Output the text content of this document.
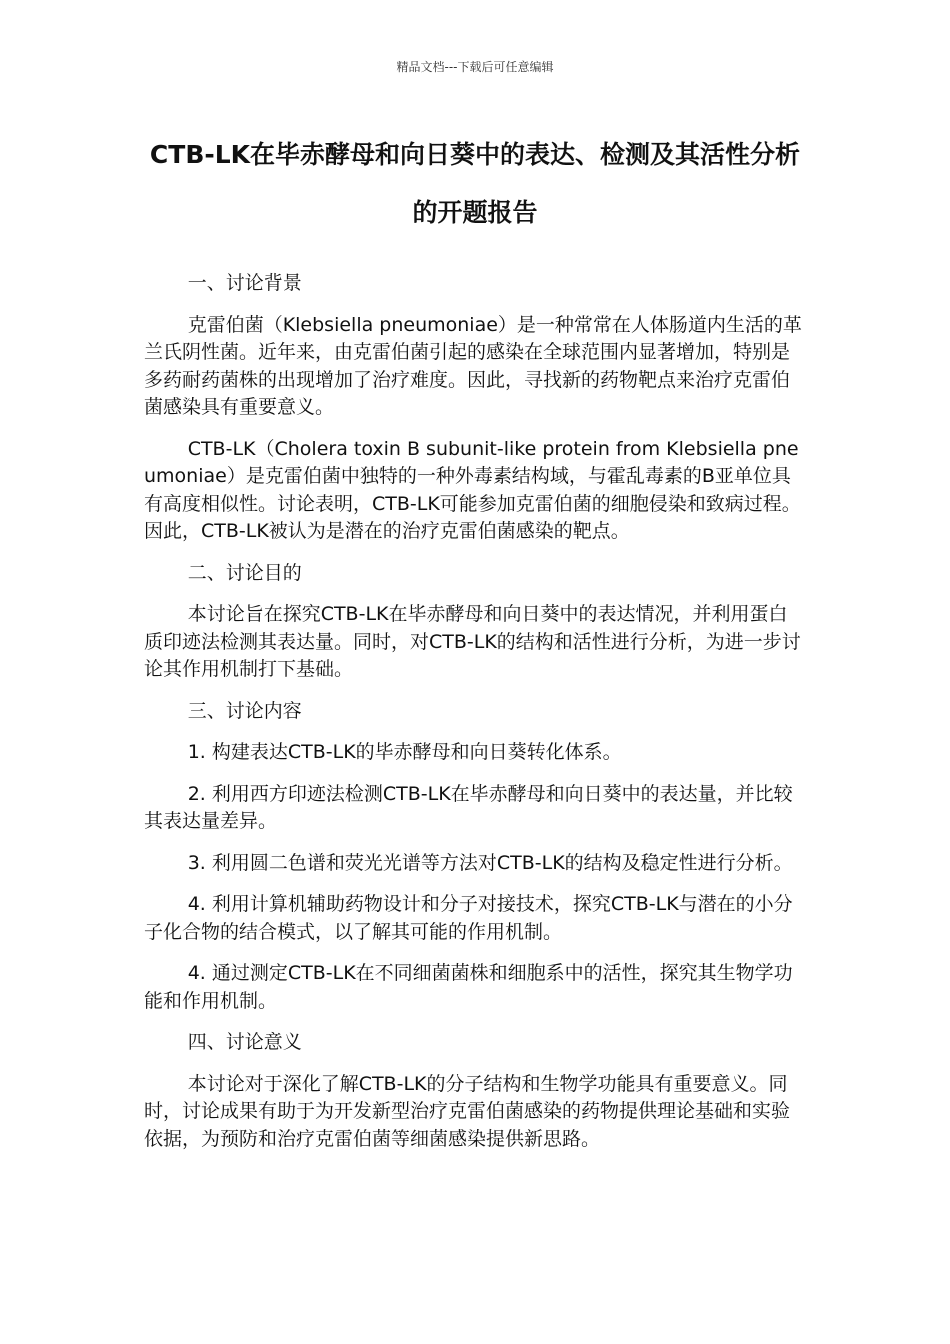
精品文档---下载后可任意编辑
CTB-LK在毕赤酵母和向日葵中的表达、检测及其活性分析的开题报告

一、讨论背景

克雷伯菌（Klebsiella pneumoniae）是一种常常在人体肠道内生活的革兰氏阴性菌。近年来，由克雷伯菌引起的感染在全球范围内显著增加，特别是多药耐药菌株的出现增加了治疗难度。因此，寻找新的药物靶点来治疗克雷伯菌感染具有重要意义。

CTB-LK（Cholera toxin B subunit-like protein from Klebsiella pneumoniae）是克雷伯菌中独特的一种外毒素结构域，与霍乱毒素的B亚单位具有高度相似性。讨论表明，CTB-LK可能参加克雷伯菌的细胞侵染和致病过程。因此，CTB-LK被认为是潜在的治疗克雷伯菌感染的靶点。

二、讨论目的

本讨论旨在探究CTB-LK在毕赤酵母和向日葵中的表达情况，并利用蛋白质印迹法检测其表达量。同时，对CTB-LK的结构和活性进行分析，为进一步讨论其作用机制打下基础。

三、讨论内容

1. 构建表达CTB-LK的毕赤酵母和向日葵转化体系。

2. 利用西方印迹法检测CTB-LK在毕赤酵母和向日葵中的表达量，并比较其表达量差异。

3. 利用圆二色谱和荧光光谱等方法对CTB-LK的结构及稳定性进行分析。

4. 利用计算机辅助药物设计和分子对接技术，探究CTB-LK与潜在的小分子化合物的结合模式，以了解其可能的作用机制。

4. 通过测定CTB-LK在不同细菌菌株和细胞系中的活性，探究其生物学功能和作用机制。

四、讨论意义

本讨论对于深化了解CTB-LK的分子结构和生物学功能具有重要意义。同时，讨论成果有助于为开发新型治疗克雷伯菌感染的药物提供理论基础和实验依据，为预防和治疗克雷伯菌等细菌感染提供新思路。
